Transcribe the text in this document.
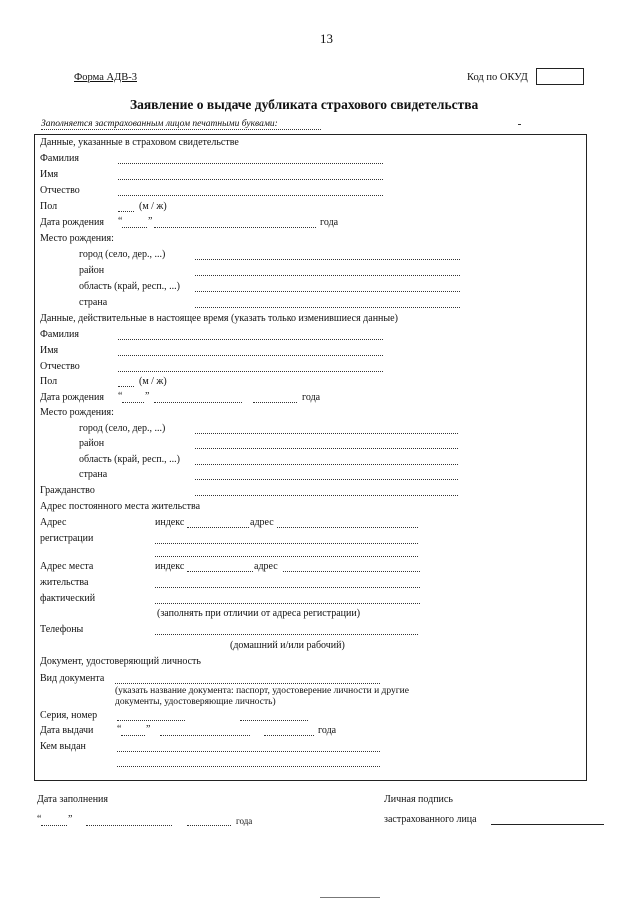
13
Форма АДВ-3	Код по ОКУД
Заявление о выдаче дубликата страхового свидетельства
Заполняется застрахованным лицом печатными буквами:
Данные, указанные в страховом свидетельстве
Фамилия
Имя
Отчество
Пол	(м / ж)
Дата рождения “	”	года
Место рождения:
город (село, дер., ...)
район
область (край, респ., ...)
страна
Данные, действительные в настоящее время (указать только изменившиеся данные)
Фамилия
Имя
Отчество
Пол	(м / ж)
Дата рождения “ ”	года
Место рождения:
город (село, дер., ...)
район
область (край, респ., ...)
страна
Гражданство
Адрес постоянного места жительства
Адрес
регистрации
индекс	адрес
Адрес места
жительства
фактический
индекс	адрес
(заполнять при отличии от адреса регистрации)
Телефоны
(домашний и/или рабочий)
Документ, удостоверяющий личность
Вид документа
(указать название документа: паспорт, удостоверение личности и другие
документы, удостоверяющие личность)
Серия, номер
Дата выдачи “ ”	года
Кем выдан
Дата заполнения
“	”	года
Личная подпись
застрахованного лица
